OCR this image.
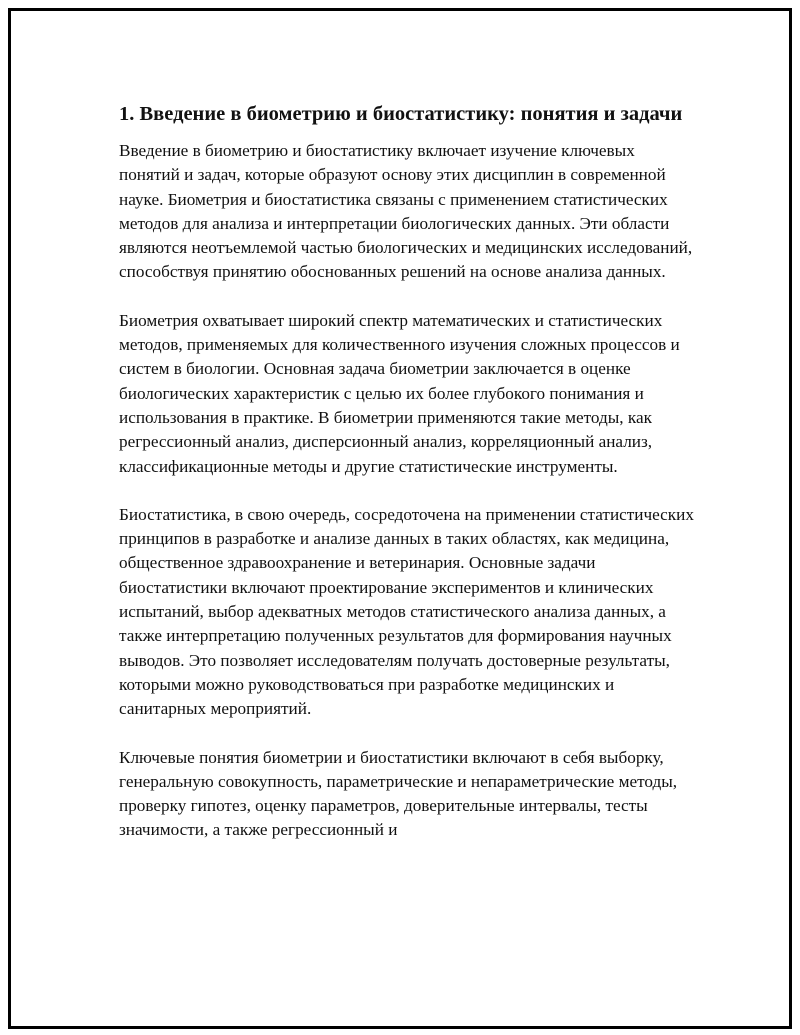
1. Введение в биометрию и биостатистику: понятия и задачи

Введение в биометрию и биостатистику включает изучение ключевых понятий и задач, которые образуют основу этих дисциплин в современной науке. Биометрия и биостатистика связаны с применением статистических методов для анализа и интерпретации биологических данных. Эти области являются неотъемлемой частью биологических и медицинских исследований, способствуя принятию обоснованных решений на основе анализа данных.

Биометрия охватывает широкий спектр математических и статистических методов, применяемых для количественного изучения сложных процессов и систем в биологии. Основная задача биометрии заключается в оценке биологических характеристик с целью их более глубокого понимания и использования в практике. В биометрии применяются такие методы, как регрессионный анализ, дисперсионный анализ, корреляционный анализ, классификационные методы и другие статистические инструменты.

Биостатистика, в свою очередь, сосредоточена на применении статистических принципов в разработке и анализе данных в таких областях, как медицина, общественное здравоохранение и ветеринария. Основные задачи биостатистики включают проектирование экспериментов и клинических испытаний, выбор адекватных методов статистического анализа данных, а также интерпретацию полученных результатов для формирования научных выводов. Это позволяет исследователям получать достоверные результаты, которыми можно руководствоваться при разработке медицинских и санитарных мероприятий.

Ключевые понятия биометрии и биостатистики включают в себя выборку, генеральную совокупность, параметрические и непараметрические методы, проверку гипотез, оценку параметров, доверительные интервалы, тесты значимости, а также регрессионный и
